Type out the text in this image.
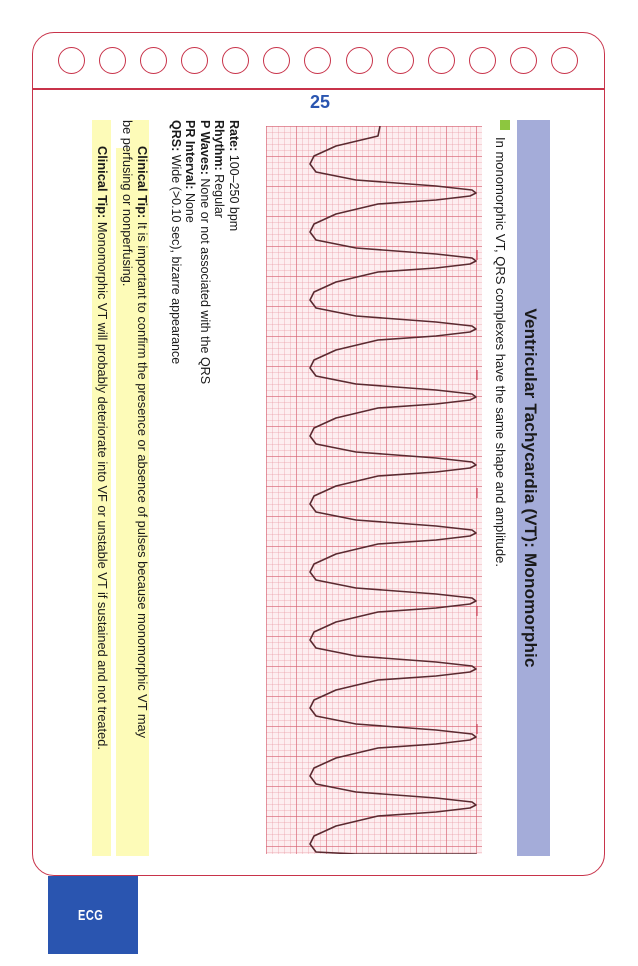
25
Ventricular Tachycardia (VT): Monomorphic
In monomorphic VT, QRS complexes have the same shape and amplitude.
Rate: 100–250 bpm
Rhythm: Regular
P Waves: None or not associated with the QRS
PR Interval: None
QRS: Wide (>0.10 sec), bizarre appearance
Clinical Tip: It is important to confirm the presence or absence of pulses because monomorphic VT may
be perfusing or nonperfusing.
Clinical Tip: Monomorphic VT will probably deteriorate into VF or unstable VT if sustained and not treated.
ECG
